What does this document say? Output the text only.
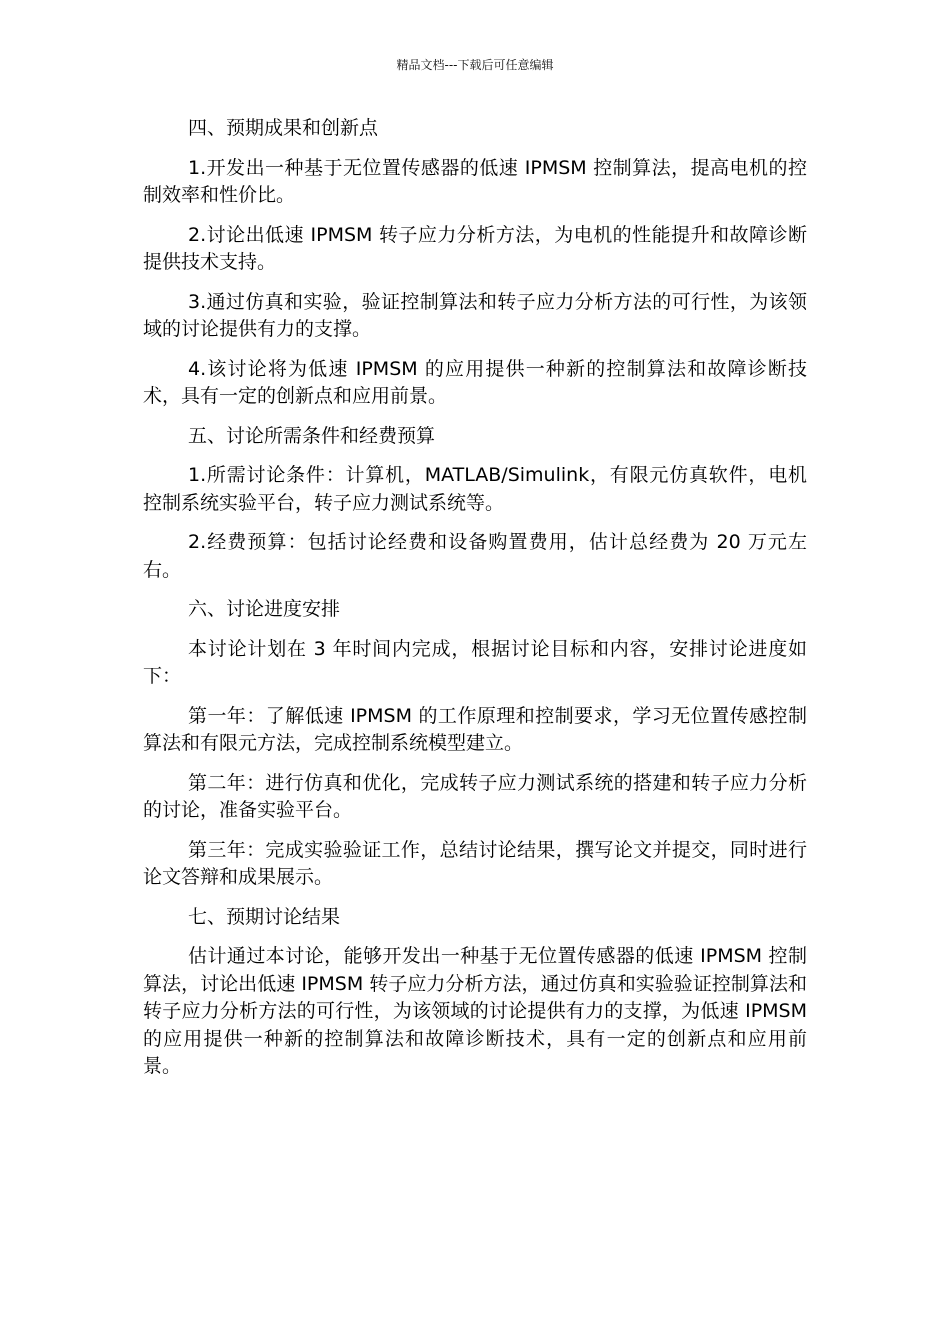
精品文档---下载后可任意编辑

四、预期成果和创新点

1.开发出一种基于无位置传感器的低速 IPMSM 控制算法，提高电机的控制效率和性价比。

2.讨论出低速 IPMSM 转子应力分析方法，为电机的性能提升和故障诊断提供技术支持。

3.通过仿真和实验，验证控制算法和转子应力分析方法的可行性，为该领域的讨论提供有力的支撑。

4.该讨论将为低速 IPMSM 的应用提供一种新的控制算法和故障诊断技术，具有一定的创新点和应用前景。

五、讨论所需条件和经费预算

1.所需讨论条件：计算机，MATLAB/Simulink，有限元仿真软件，电机控制系统实验平台，转子应力测试系统等。

2.经费预算：包括讨论经费和设备购置费用，估计总经费为 20 万元左右。

六、讨论进度安排

本讨论计划在 3 年时间内完成，根据讨论目标和内容，安排讨论进度如下：

第一年：了解低速 IPMSM 的工作原理和控制要求，学习无位置传感控制算法和有限元方法，完成控制系统模型建立。

第二年：进行仿真和优化，完成转子应力测试系统的搭建和转子应力分析的讨论，准备实验平台。

第三年：完成实验验证工作，总结讨论结果，撰写论文并提交，同时进行论文答辩和成果展示。

七、预期讨论结果

估计通过本讨论，能够开发出一种基于无位置传感器的低速 IPMSM 控制算法，讨论出低速 IPMSM 转子应力分析方法，通过仿真和实验验证控制算法和转子应力分析方法的可行性，为该领域的讨论提供有力的支撑，为低速 IPMSM 的应用提供一种新的控制算法和故障诊断技术，具有一定的创新点和应用前景。
